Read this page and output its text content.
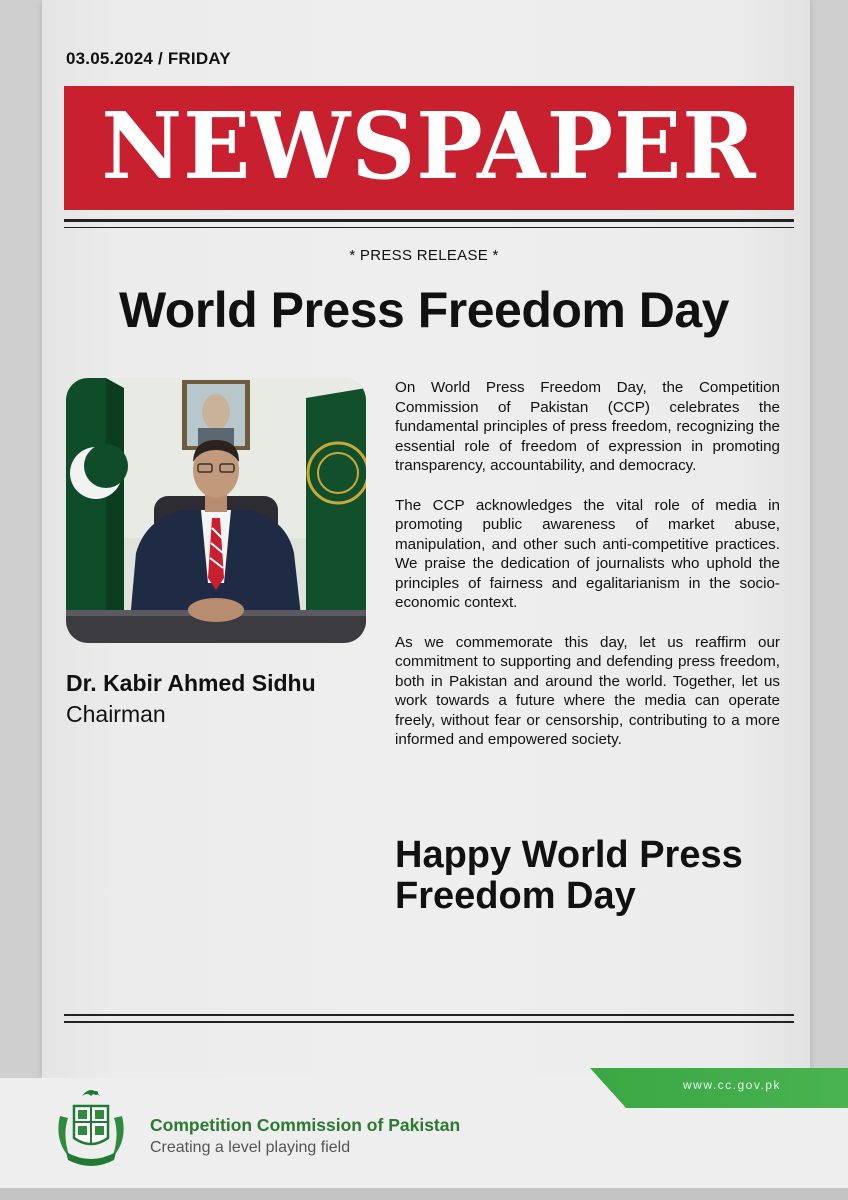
03.05.2024 / FRIDAY
NEWSPAPER
* PRESS RELEASE *
World Press Freedom Day
Dr. Kabir Ahmed Sidhu
Chairman

On World Press Freedom Day, the Competition Commission of Pakistan (CCP) celebrates the fundamental principles of press freedom, recognizing the essential role of freedom of expression in promoting transparency, accountability, and democracy.

The CCP acknowledges the vital role of media in promoting public awareness of market abuse, manipulation, and other such anti-competitive practices. We praise the dedication of journalists who uphold the principles of fairness and egalitarianism in the socio-economic context.

As we commemorate this day, let us reaffirm our commitment to supporting and defending press freedom, both in Pakistan and around the world. Together, let us work towards a future where the media can operate freely, without fear or censorship, contributing to a more informed and empowered society.

Happy World Press Freedom Day
www.cc.gov.pk
Competition Commission of Pakistan
Creating a level playing field
